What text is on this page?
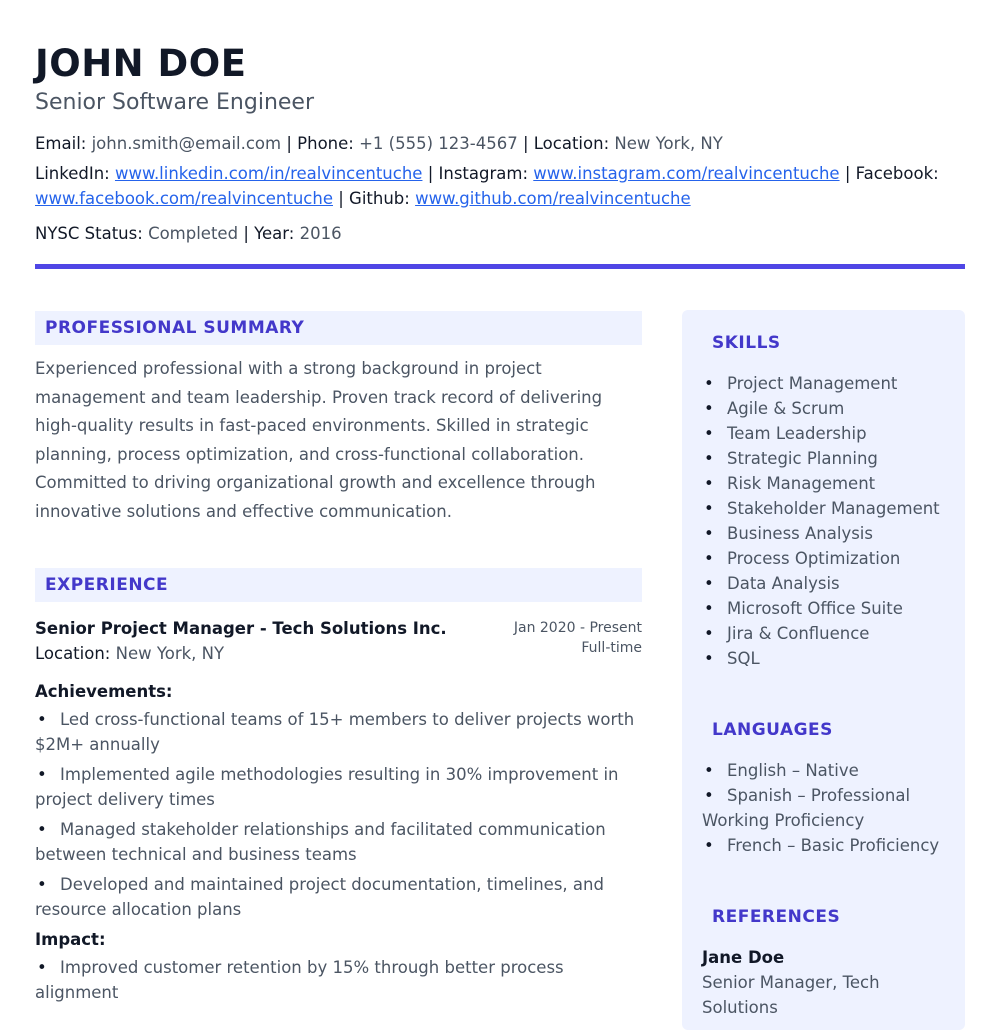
JOHN DOE
Senior Software Engineer
Email: john.smith@email.com | Phone: +1 (555) 123-4567 | Location: New York, NY
LinkedIn: www.linkedin.com/in/realvincentuche | Instagram: www.instagram.com/realvincentuche | Facebook: www.facebook.com/realvincentuche | Github: www.github.com/realvincentuche
NYSC Status: Completed | Year: 2016
PROFESSIONAL SUMMARY
Experienced professional with a strong background in project management and team leadership. Proven track record of delivering high-quality results in fast-paced environments. Skilled in strategic planning, process optimization, and cross-functional collaboration. Committed to driving organizational growth and excellence through innovative solutions and effective communication.
EXPERIENCE
Senior Project Manager - Tech Solutions Inc.
Location: New York, NY
Jan 2020 - Present
Full-time
Achievements:
• Led cross-functional teams of 15+ members to deliver projects worth $2M+ annually
• Implemented agile methodologies resulting in 30% improvement in project delivery times
• Managed stakeholder relationships and facilitated communication between technical and business teams
• Developed and maintained project documentation, timelines, and resource allocation plans
Impact:
• Improved customer retention by 15% through better process alignment
SKILLS
• Project Management
• Agile & Scrum
• Team Leadership
• Strategic Planning
• Risk Management
• Stakeholder Management
• Business Analysis
• Process Optimization
• Data Analysis
• Microsoft Office Suite
• Jira & Confluence
• SQL
LANGUAGES
• English – Native
• Spanish – Professional Working Proficiency
• French – Basic Proficiency
REFERENCES
Jane Doe
Senior Manager, Tech Solutions
